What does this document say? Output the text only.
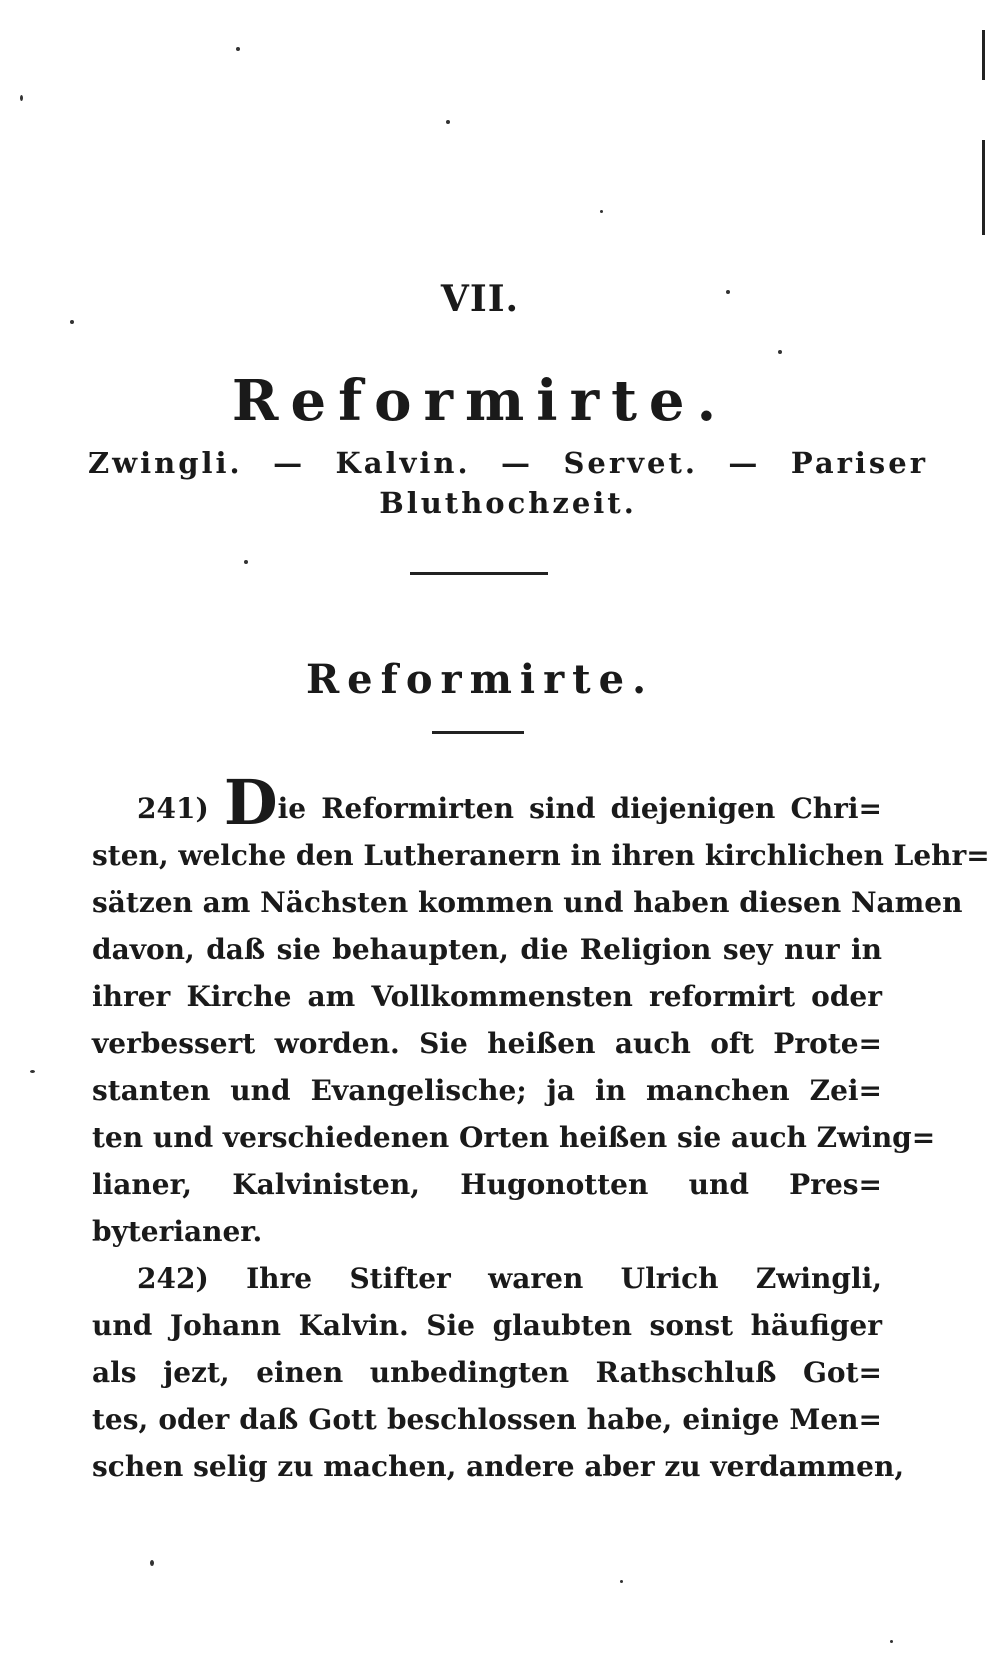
VII.
Reformirte.
Zwingli. — Kalvin. — Servet. — Pariser
Bluthochzeit.
Reformirte.
241) Die Reformirten sind diejenigen Chri=
sten, welche den Lutheranern in ihren kirchlichen Lehr=
sätzen am Nächsten kommen und haben diesen Namen
davon, daß sie behaupten, die Religion sey nur in
ihrer Kirche am Vollkommensten reformirt oder
verbessert worden. Sie heißen auch oft Prote=
stanten und Evangelische; ja in manchen Zei=
ten und verschiedenen Orten heißen sie auch Zwing=
lianer, Kalvinisten, Hugonotten und Pres=
byterianer.
242) Ihre Stifter waren Ulrich Zwingli,
und Johann Kalvin. Sie glaubten sonst häufiger
als jezt, einen unbedingten Rathschluß Got=
tes, oder daß Gott beschlossen habe, einige Men=
schen selig zu machen, andere aber zu verdammen,
